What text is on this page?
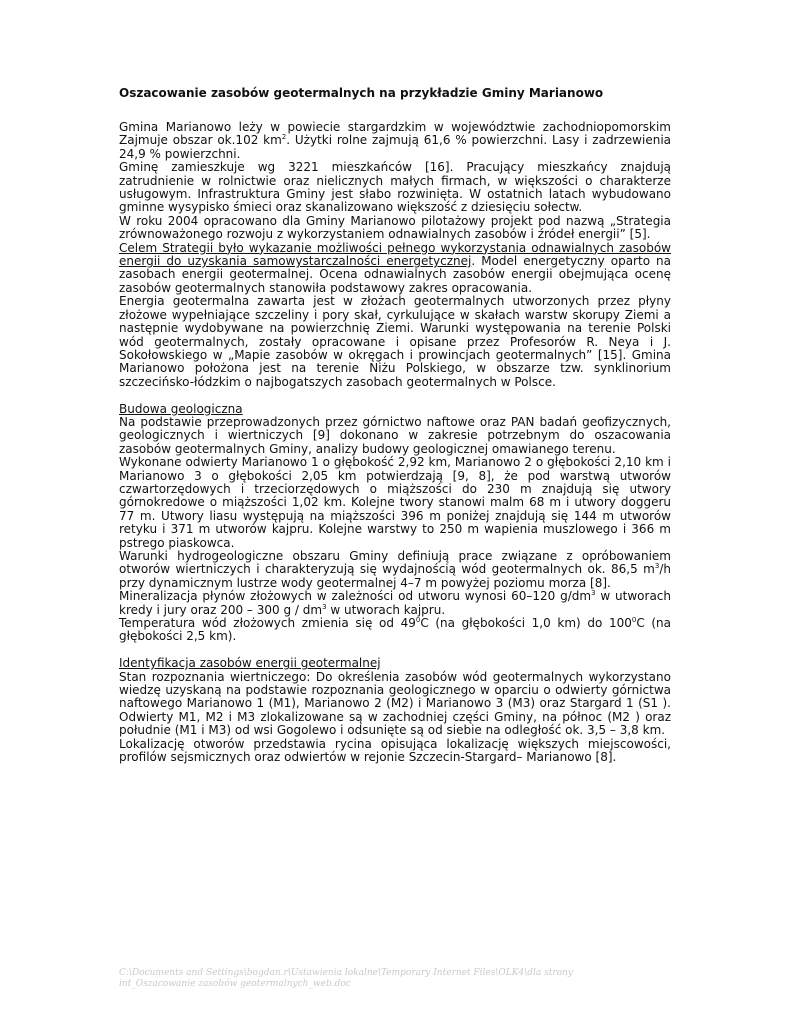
Oszacowanie zasobów geotermalnych na przykładzie Gminy Marianowo

Gmina Marianowo leży w powiecie stargardzkim w województwie zachodniopomorskim Zajmuje obszar ok.102 $km^2$. Użytki rolne zajmują 61,6 % powierzchni. Lasy i zadrzewienia 24,9 % powierzchni.

Gminę zamieszkuje wg 3221 mieszkańców [16]. Pracujący mieszkańcy znajdują zatrudnienie w rolnictwie oraz nielicznych małych firmach, w większości o charakterze usługowym. Infrastruktura Gminy jest słabo rozwinięta. W ostatnich latach wybudowano gminne wysypisko śmieci oraz skanalizowano większość z dziesięciu sołectw.

W roku 2004 opracowano dla Gminy Marianowo pilotażowy projekt pod nazwą „Strategia zrównoważonego rozwoju z wykorzystaniem odnawialnych zasobów i źródeł energii” [5].

Celem Strategii było wykazanie możliwości pełnego wykorzystania odnawialnych zasobów energii do uzyskania samowystarczalności energetycznej. Model energetyczny oparto na zasobach energii geotermalnej. Ocena odnawialnych zasobów energii obejmująca ocenę zasobów geotermalnych stanowiła podstawowy zakres opracowania.

Energia geotermalna zawarta jest w złożach geotermalnych utworzonych przez płyny złożowe wypełniające szczeliny i pory skał, cyrkulujące w skałach warstw skorupy Ziemi a następnie wydobywane na powierzchnię Ziemi. Warunki występowania na terenie Polski wód geotermalnych, zostały opracowane i opisane przez Profesorów R. Neya i J. Sokołowskiego w „Mapie zasobów w okręgach i prowincjach geotermalnych” [15]. Gmina Marianowo położona jest na terenie Niżu Polskiego, w obszarze tzw. synklinorium szczecińsko-łódzkim o najbogatszych zasobach geotermalnych w Polsce.

Budowa geologiczna

Na podstawie przeprowadzonych przez górnictwo naftowe oraz PAN badań geofizycznych, geologicznych i wiertniczych [9] dokonano w zakresie potrzebnym do oszacowania zasobów geotermalnych Gminy, analizy budowy geologicznej omawianego terenu.

Wykonane odwierty Marianowo 1 o głębokość 2,92 km, Marianowo 2 o głębokości 2,10 km i Marianowo 3 o głębokości 2,05 km potwierdzają [9, 8], że pod warstwą utworów czwartorzędowych i trzeciorzędowych o miąższości do 230 m znajdują się utwory górnokredowe o miąższości 1,02 km. Kolejne twory stanowi malm 68 m i utwory doggeru 77 m. Utwory liasu występują na miąższości 396 m poniżej znajdują się 144 m utworów retyku i 371 m utworów kajpru. Kolejne warstwy to 250 m wapienia muszlowego i 366 m pstrego piaskowca.

Warunki hydrogeologiczne obszaru Gminy definiują prace związane z opróbowaniem otworów wiertniczych i charakteryzują się wydajnością wód geotermalnych ok. 86,5 $m^3/h$ przy dynamicznym lustrze wody geotermalnej 4–7 m powyżej poziomu morza [8].

Mineralizacja płynów złożowych w zależności od utworu wynosi 60–120 $g/dm^3$ w utworach kredy i jury oraz 200 – 300 g / $dm^3$ w utworach kajpru.

Temperatura wód złożowych zmienia się od $49^0C$ (na głębokości 1,0 km) do $100^0C$ (na głębokości 2,5 km).

Identyfikacja zasobów energii geotermalnej

Stan rozpoznania wiertniczego: Do określenia zasobów wód geotermalnych wykorzystano wiedzę uzyskaną na podstawie rozpoznania geologicznego w oparciu o odwierty górnictwa naftowego Marianowo 1 (M1), Marianowo 2 (M2) i Marianowo 3 (M3) oraz Stargard 1 (S1 ). Odwierty M1, M2 i M3 zlokalizowane są w zachodniej części Gminy, na północ (M2 ) oraz południe (M1 i M3) od wsi Gogolewo i odsunięte są od siebie na odległość ok. 3,5 – 3,8 km.

Lokalizację otworów przedstawia rycina opisująca lokalizację większych miejscowości, profilów sejsmicznych oraz odwiertów w rejonie Szczecin-Stargard– Marianowo [8].

C:\Documents and Settings\bogdan.r\Ustawienia lokalne\Temporary Internet Files\OLK4\dla strony int_Oszacowanie zasobów geotermalnych_web.doc
